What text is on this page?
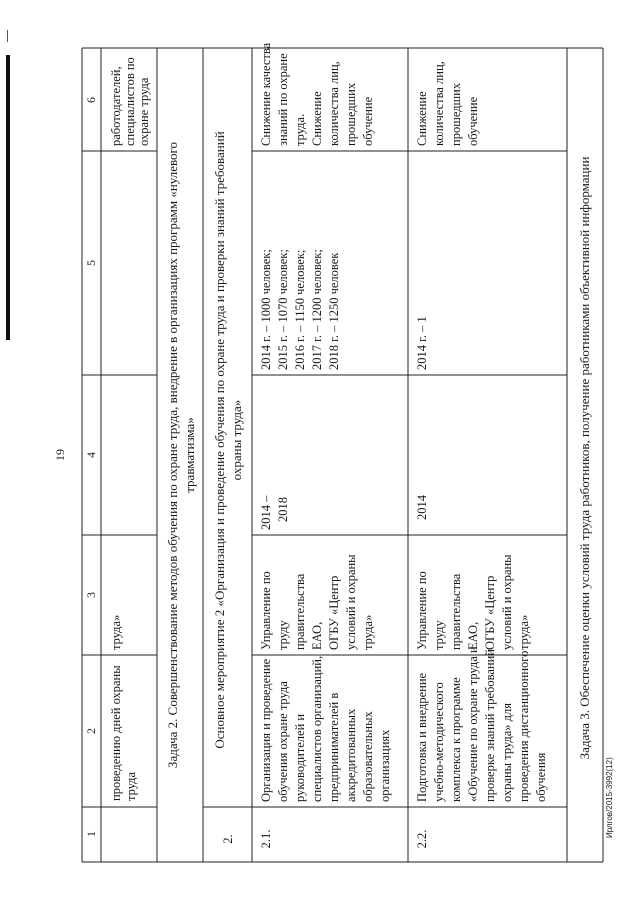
19
Ирлгов/2015-3992(12)
6
5
4
3
2
1
проведению дней охраны труда
труда»
работодателей, специалистов по охране труда
Задача 2. Совершенствование методов обучения по охране труда, внедрение в организациях программ «нулевого травматизма»
2.
Основное мероприятие 2 «Организация и проведение обучения по охране труда и проверки знаний требований охраны труда»
2.1.
Организация и проведение обучения охране труда руководителей и специалистов организаций, предпринимателей в аккредитованных образовательных организациях
Управление по труду правительства ЕАО, ОГБУ «Центр условий и охраны труда»
2014 – 2018
2014 г. – 1000 человек; 2015 г. – 1070 человек; 2016 г. – 1150 человек; 2017 г. – 1200 человек; 2018 г. – 1250 человек
Снижение качества знаний по охране труда. Снижение количества лиц, прошедших обучение
2.2.
Подготовка и внедрение учебно-методического комплекса к программе «Обучение по охране труда и проверке знаний требований охраны труда» для проведения дистанционного обучения
Управление по труду правительства ЕАО, ОГБУ «Центр условий и охраны труда»
2014
2014 г. – 1
Снижение количества лиц, прошедших обучение
Задача 3. Обеспечение оценки условий труда работников, получение работниками объективной информации
